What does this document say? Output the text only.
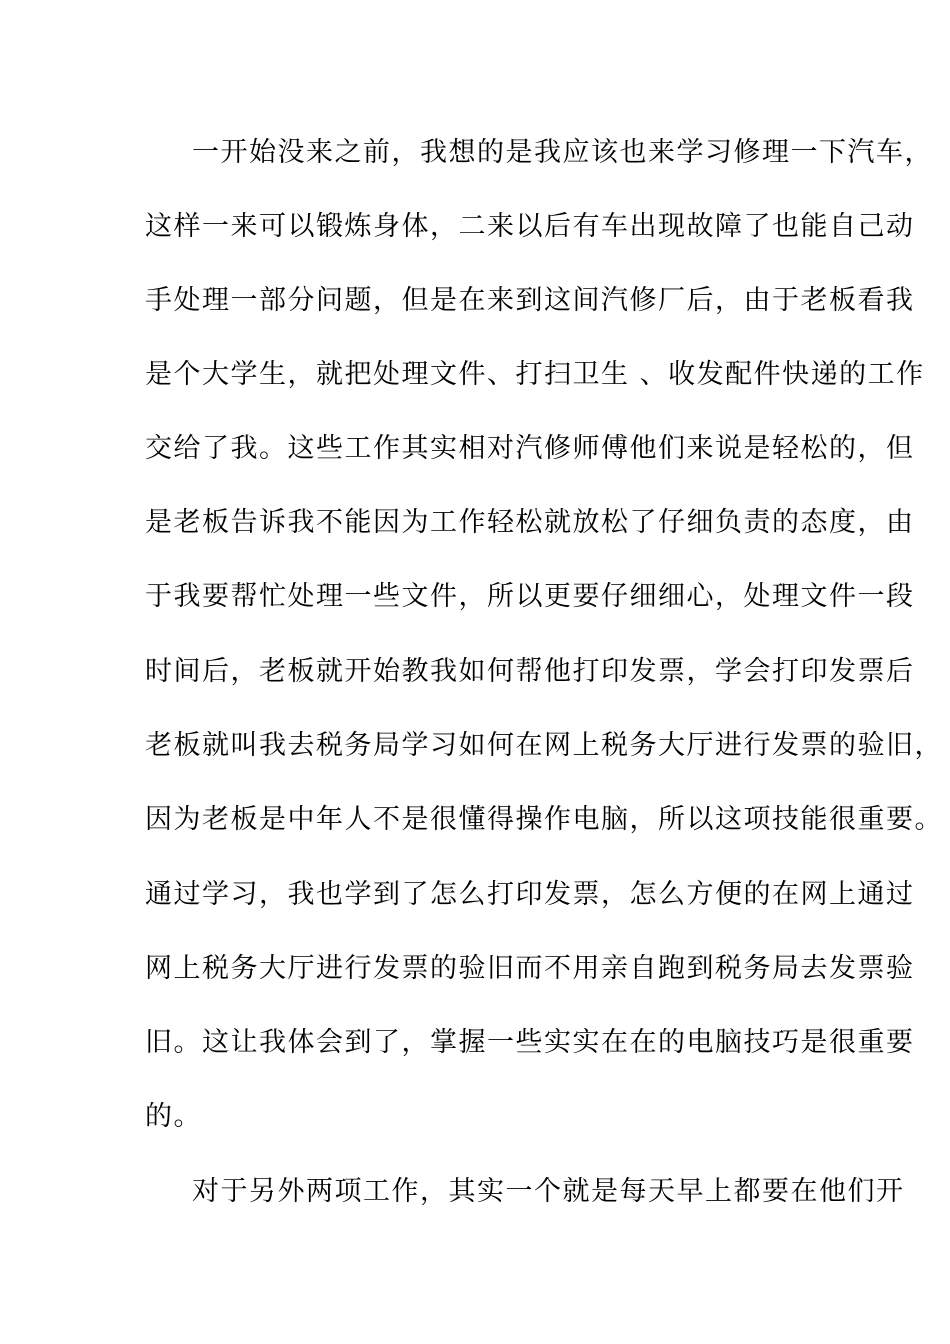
一开始没来之前，我想的是我应该也来学习修理一下汽车，
这样一来可以锻炼身体，二来以后有车出现故障了也能自己动
手处理一部分问题，但是在来到这间汽修厂后，由于老板看我
是个大学生，就把处理文件、打扫卫生 、收发配件快递的工作
交给了我。这些工作其实相对汽修师傅他们来说是轻松的，但
是老板告诉我不能因为工作轻松就放松了仔细负责的态度，由
于我要帮忙处理一些文件，所以更要仔细细心，处理文件一段
时间后，老板就开始教我如何帮他打印发票，学会打印发票后
老板就叫我去税务局学习如何在网上税务大厅进行发票的验旧，
因为老板是中年人不是很懂得操作电脑，所以这项技能很重要。
通过学习，我也学到了怎么打印发票，怎么方便的在网上通过
网上税务大厅进行发票的验旧而不用亲自跑到税务局去发票验
旧。这让我体会到了，掌握一些实实在在的电脑技巧是很重要
的。
对于另外两项工作，其实一个就是每天早上都要在他们开
